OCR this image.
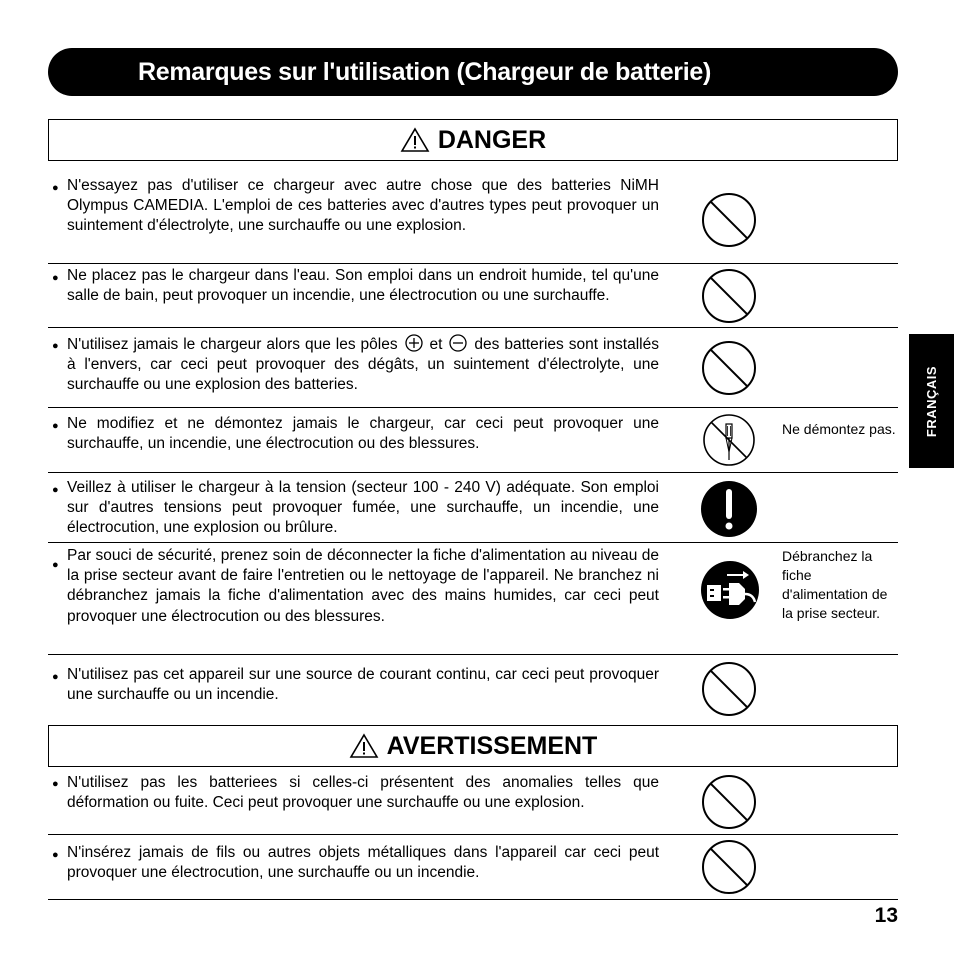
Remarques sur l'utilisation (Chargeur de batterie)
DANGER
● N'essayez pas d'utiliser ce chargeur avec autre chose que des batteries NiMH Olympus CAMEDIA. L'emploi de ces batteries avec d'autres types peut provoquer un suintement d'électrolyte, une surchauffe ou une explosion.
● Ne placez pas le chargeur dans l'eau. Son emploi dans un endroit humide, tel qu'une salle de bain, peut provoquer un incendie, une électrocution ou une surchauffe.
● N'utilisez jamais le chargeur alors que les pôles  et  des batteries sont installés à l'envers, car ceci peut provoquer des dégâts, un suintement d'électrolyte, une surchauffe ou une explosion des batteries.
● Ne modifiez et ne démontez jamais le chargeur, car ceci peut provoquer une surchauffe, un incendie, une électrocution ou des blessures.
Ne démontez pas.
● Veillez à utiliser le chargeur à la tension (secteur 100 - 240 V) adéquate. Son emploi sur d'autres tensions peut provoquer fumée, une surchauffe, un incendie, une électrocution, une explosion ou brûlure.
●
Par souci de sécurité, prenez soin de déconnecter la fiche d'alimentation au niveau de la prise secteur avant de faire l'entretien ou le nettoyage de l'appareil. Ne branchez ni débranchez jamais la fiche d'alimentation avec des mains humides, car ceci peut provoquer une électrocution ou des blessures.
Débranchez la fiche d'alimentation de la prise secteur.
● N'utilisez pas cet appareil sur une source de courant continu, car ceci peut provoquer une surchauffe ou un incendie.
AVERTISSEMENT
● N'utilisez pas les batteriees si celles-ci présentent des anomalies telles que déformation ou fuite. Ceci peut provoquer une surchauffe ou une explosion.
● N'insérez jamais de fils ou autres objets métalliques dans l'appareil car ceci peut provoquer une électrocution, une surchauffe ou un incendie.
FRANÇAIS
13
